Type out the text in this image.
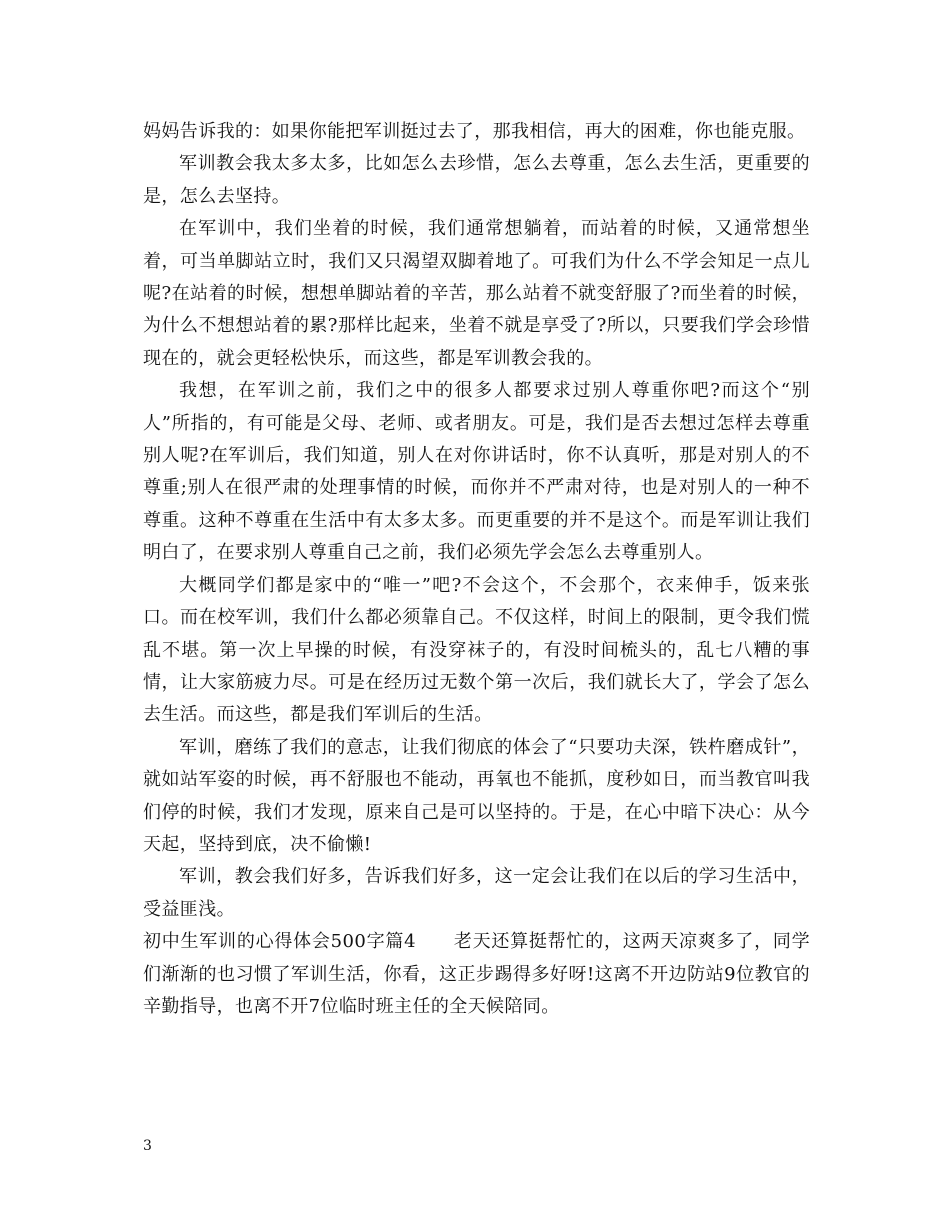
妈妈告诉我的：如果你能把军训挺过去了，那我相信，再大的困难，你也能克服。

军训教会我太多太多，比如怎么去珍惜，怎么去尊重，怎么去生活，更重要的是，怎么去坚持。

在军训中，我们坐着的时候，我们通常想躺着，而站着的时候，又通常想坐着，可当单脚站立时，我们又只渴望双脚着地了。可我们为什么不学会知足一点儿呢?在站着的时候，想想单脚站着的辛苦，那么站着不就变舒服了?而坐着的时候，为什么不想想站着的累?那样比起来，坐着不就是享受了?所以，只要我们学会珍惜现在的，就会更轻松快乐，而这些，都是军训教会我的。

我想，在军训之前，我们之中的很多人都要求过别人尊重你吧?而这个“别人”所指的，有可能是父母、老师、或者朋友。可是，我们是否去想过怎样去尊重别人呢?在军训后，我们知道，别人在对你讲话时，你不认真听，那是对别人的不尊重;别人在很严肃的处理事情的时候，而你并不严肃对待，也是对别人的一种不尊重。这种不尊重在生活中有太多太多。而更重要的并不是这个。而是军训让我们明白了，在要求别人尊重自己之前，我们必须先学会怎么去尊重别人。

大概同学们都是家中的“唯一”吧?不会这个，不会那个，衣来伸手，饭来张口。而在校军训，我们什么都必须靠自己。不仅这样，时间上的限制，更令我们慌乱不堪。第一次上早操的时候，有没穿袜子的，有没时间梳头的，乱七八糟的事情，让大家筋疲力尽。可是在经历过无数个第一次后，我们就长大了，学会了怎么去生活。而这些，都是我们军训后的生活。

军训，磨练了我们的意志，让我们彻底的体会了“只要功夫深，铁杵磨成针”，就如站军姿的时候，再不舒服也不能动，再氧也不能抓，度秒如日，而当教官叫我们停的时候，我们才发现，原来自己是可以坚持的。于是，在心中暗下决心：从今天起，坚持到底，决不偷懒!

军训，教会我们好多，告诉我们好多，这一定会让我们在以后的学习生活中，受益匪浅。

初中生军训的心得体会500字篇4　　老天还算挺帮忙的，这两天凉爽多了，同学们渐渐的也习惯了军训生活，你看，这正步踢得多好呀!这离不开边防站9位教官的辛勤指导，也离不开7位临时班主任的全天候陪同。

3
